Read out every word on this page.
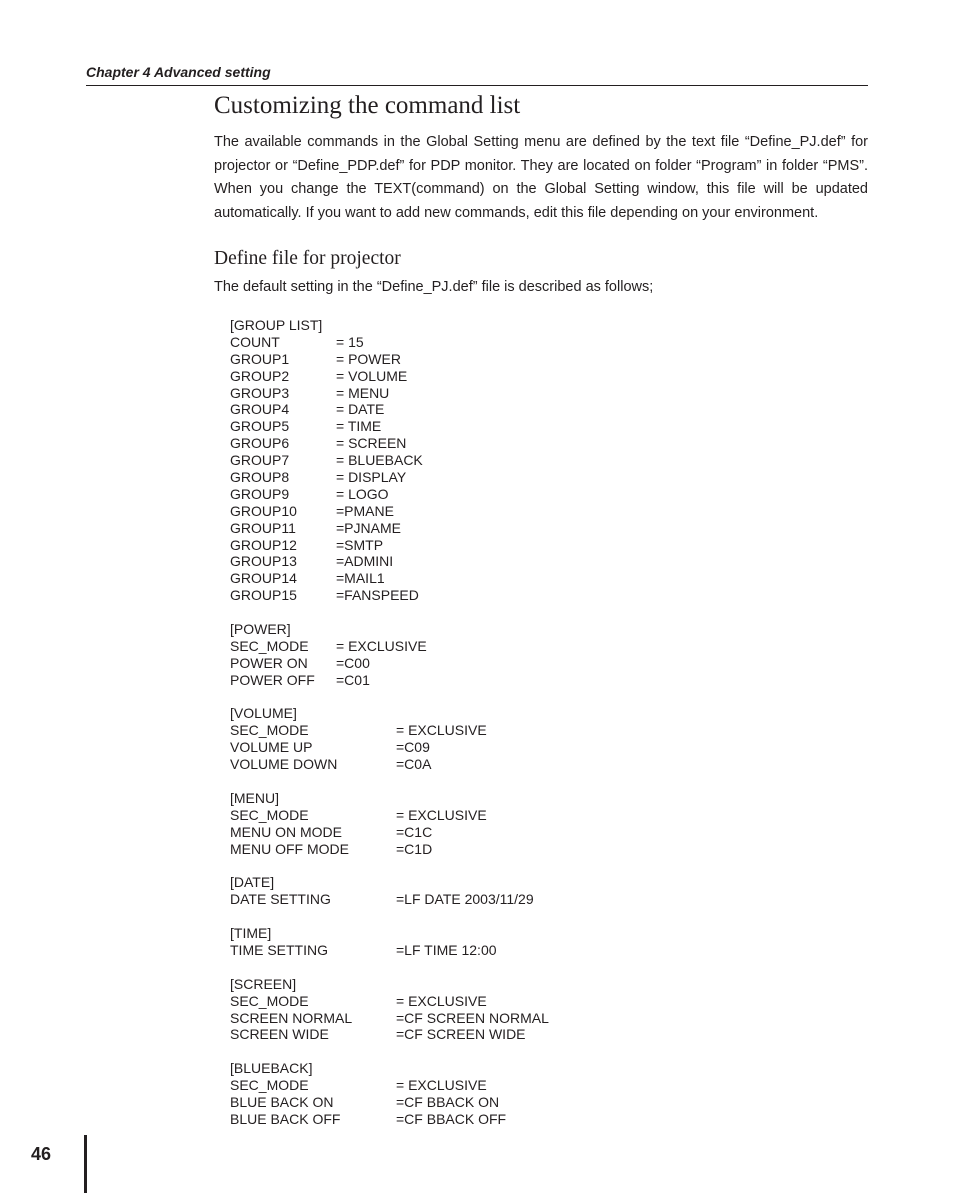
Chapter 4 Advanced setting
Customizing the command list

The available commands in the Global Setting menu are defined by the text file “Define_PJ.def” for projector or “Define_PDP.def” for PDP monitor. They are located on folder “Program” in folder “PMS”. When you change the TEXT(command) on the Global Setting window, this file will be updated automatically. If you want to add new commands, edit this file depending on your environment.

Define file for projector

The default setting in the “Define_PJ.def” file is described as follows;

[GROUP LIST]
COUNT	= 15
GROUP1	= POWER
GROUP2	= VOLUME
GROUP3	= MENU
GROUP4	= DATE
GROUP5	= TIME
GROUP6	= SCREEN
GROUP7	= BLUEBACK
GROUP8	= DISPLAY
GROUP9	= LOGO
GROUP10	=PMANE
GROUP11	=PJNAME
GROUP12	=SMTP
GROUP13	=ADMINI
GROUP14	=MAIL1
GROUP15	=FANSPEED
[POWER]
SEC_MODE = EXCLUSIVE
POWER ON =C00
POWER OFF =C01
[VOLUME]
SEC_MODE	= EXCLUSIVE
VOLUME UP	=C09
VOLUME DOWN	=C0A
[MENU]
SEC_MODE	= EXCLUSIVE
MENU ON MODE	=C1C
MENU OFF MODE	=C1D
[DATE]
DATE SETTING	=LF DATE 2003/11/29
[TIME]
TIME SETTING	=LF TIME 12:00
[SCREEN]
SEC_MODE	= EXCLUSIVE
SCREEN NORMAL	=CF SCREEN NORMAL
SCREEN WIDE	=CF SCREEN WIDE
[BLUEBACK]
SEC_MODE	= EXCLUSIVE
BLUE BACK ON	=CF BBACK ON
BLUE BACK OFF	=CF BBACK OFF
46
